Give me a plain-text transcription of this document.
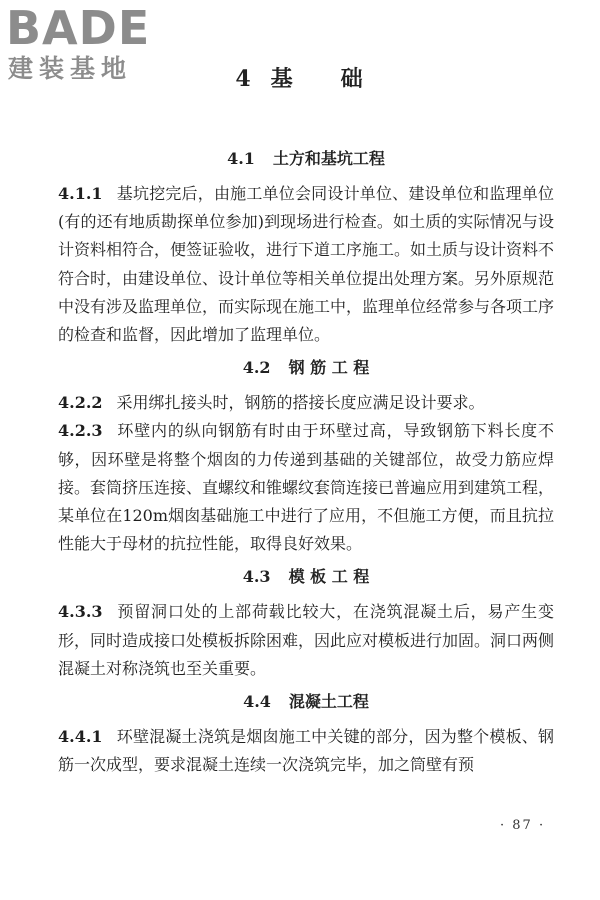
BADE
建装基地	4 基 础
4.1 土方和基坑工程

4.1.1 基坑挖完后，由施工单位会同设计单位、建设单位和监理单位(有的还有地质勘探单位参加)到现场进行检查。如土质的实际情况与设计资料相符合，便签证验收，进行下道工序施工。如土质与设计资料不符合时，由建设单位、设计单位等相关单位提出处理方案。另外原规范中没有涉及监理单位，而实际现在施工中，监理单位经常参与各项工序的检查和监督，因此增加了监理单位。

4.2 钢 筋 工 程

4.2.2 采用绑扎接头时，钢筋的搭接长度应满足设计要求。

4.2.3 环壁内的纵向钢筋有时由于环壁过高，导致钢筋下料长度不够，因环壁是将整个烟囱的力传递到基础的关键部位，故受力筋应焊接。套筒挤压连接、直螺纹和锥螺纹套筒连接已普遍应用到建筑工程，某单位在120m烟囱基础施工中进行了应用，不但施工方便，而且抗拉性能大于母材的抗拉性能，取得良好效果。

4.3 模 板 工 程

4.3.3 预留洞口处的上部荷载比较大，在浇筑混凝土后，易产生变形，同时造成接口处模板拆除困难，因此应对模板进行加固。洞口两侧混凝土对称浇筑也至关重要。

4.4 混凝土工程

4.4.1 环壁混凝土浇筑是烟囱施工中关键的部分，因为整个模板、钢筋一次成型，要求混凝土连续一次浇筑完毕，加之筒壁有预

· 87 ·
